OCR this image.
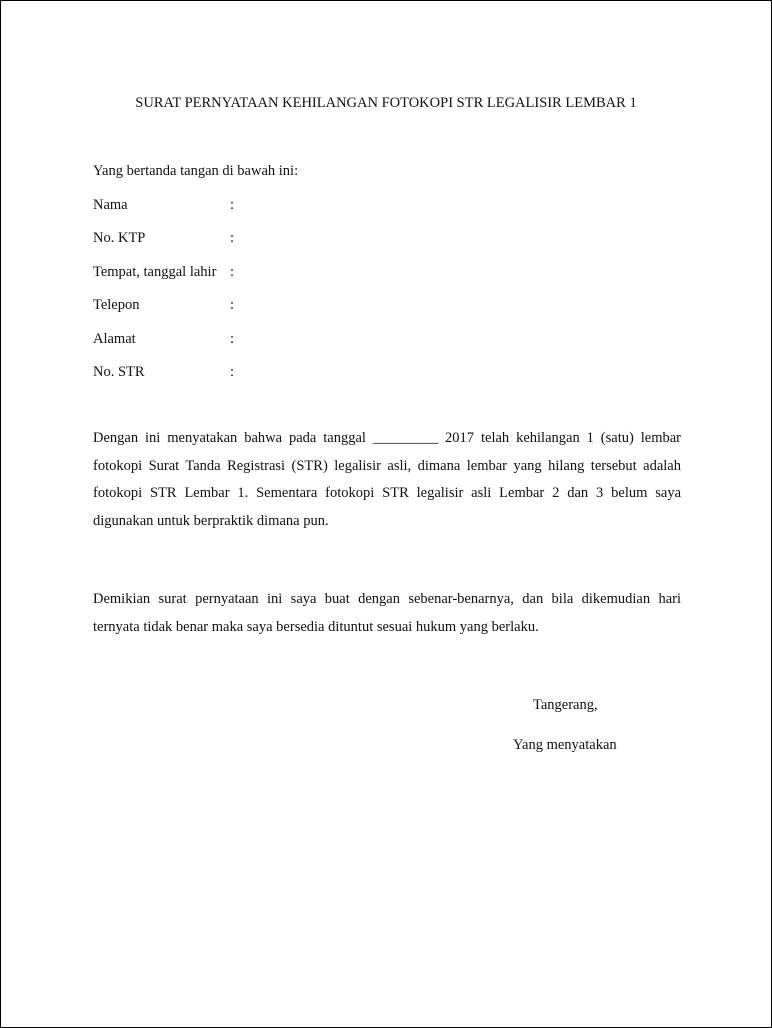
SURAT PERNYATAAN KEHILANGAN FOTOKOPI STR LEGALISIR LEMBAR 1
Yang bertanda tangan di bawah ini:
Nama	:
No. KTP	:
Tempat, tanggal lahir :
Telepon	:
Alamat	:
No. STR	:
Dengan ini menyatakan bahwa pada tanggal _________ 2017 telah kehilangan 1 (satu) lembar
fotokopi Surat Tanda Registrasi (STR) legalisir asli, dimana lembar yang hilang tersebut adalah
fotokopi STR Lembar 1. Sementara fotokopi STR legalisir asli Lembar 2 dan 3 belum saya
digunakan untuk berpraktik dimana pun.
Demikian surat pernyataan ini saya buat dengan sebenar-benarnya, dan bila dikemudian hari
ternyata tidak benar maka saya bersedia dituntut sesuai hukum yang berlaku.
Tangerang,
Yang menyatakan
